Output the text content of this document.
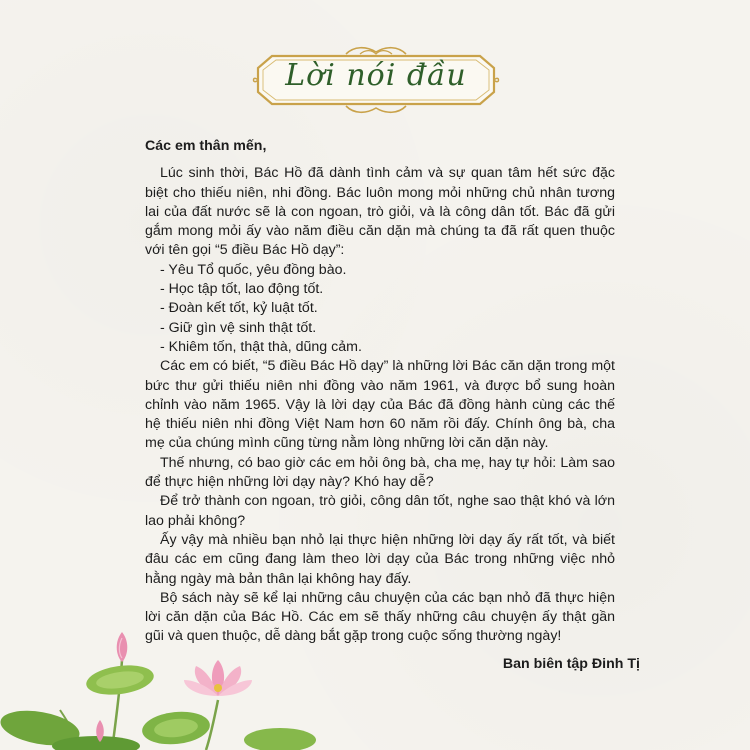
Lời nói đầu

Các em thân mến,

Lúc sinh thời, Bác Hồ đã dành tình cảm và sự quan tâm hết sức đặc biệt cho thiếu niên, nhi đồng. Bác luôn mong mỏi những chủ nhân tương lai của đất nước sẽ là con ngoan, trò giỏi, và là công dân tốt. Bác đã gửi gắm mong mỏi ấy vào năm điều căn dặn mà chúng ta đã rất quen thuộc với tên gọi “5 điều Bác Hồ dạy”:

- Yêu Tổ quốc, yêu đồng bào.
- Học tập tốt, lao động tốt.
- Đoàn kết tốt, kỷ luật tốt.
- Giữ gìn vệ sinh thật tốt.
- Khiêm tốn, thật thà, dũng cảm.

Các em có biết, “5 điều Bác Hồ dạy” là những lời Bác căn dặn trong một bức thư gửi thiếu niên nhi đồng vào năm 1961, và được bổ sung hoàn chỉnh vào năm 1965. Vậy là lời dạy của Bác đã đồng hành cùng các thế hệ thiếu niên nhi đồng Việt Nam hơn 60 năm rồi đấy. Chính ông bà, cha mẹ của chúng mình cũng từng nằm lòng những lời căn dặn này.

Thế nhưng, có bao giờ các em hỏi ông bà, cha mẹ, hay tự hỏi: Làm sao để thực hiện những lời dạy này? Khó hay dễ?

Để trở thành con ngoan, trò giỏi, công dân tốt, nghe sao thật khó và lớn lao phải không?

Ấy vậy mà nhiều bạn nhỏ lại thực hiện những lời dạy ấy rất tốt, và biết đâu các em cũng đang làm theo lời dạy của Bác trong những việc nhỏ hằng ngày mà bản thân lại không hay đấy.

Bộ sách này sẽ kể lại những câu chuyện của các bạn nhỏ đã thực hiện lời căn dặn của Bác Hồ. Các em sẽ thấy những câu chuyện ấy thật gần gũi và quen thuộc, dễ dàng bắt gặp trong cuộc sống thường ngày!

Ban biên tập Đinh Tị
